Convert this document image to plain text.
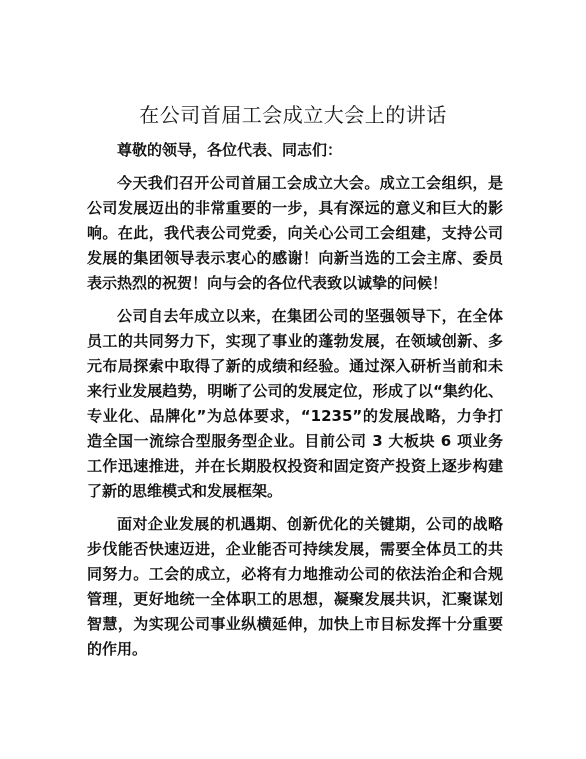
在公司首届工会成立大会上的讲话

尊敬的领导，各位代表、同志们：

今天我们召开公司首届工会成立大会。成立工会组织，是公司发展迈出的非常重要的一步，具有深远的意义和巨大的影响。在此，我代表公司党委，向关心公司工会组建，支持公司发展的集团领导表示衷心的感谢！向新当选的工会主席、委员表示热烈的祝贺！向与会的各位代表致以诚挚的问候！

公司自去年成立以来，在集团公司的坚强领导下，在全体员工的共同努力下，实现了事业的蓬勃发展，在领域创新、多元布局探索中取得了新的成绩和经验。通过深入研析当前和未来行业发展趋势，明晰了公司的发展定位，形成了以“集约化、专业化、品牌化”为总体要求，“1235”的发展战略，力争打造全国一流综合型服务型企业。目前公司 3 大板块 6 项业务工作迅速推进，并在长期股权投资和固定资产投资上逐步构建了新的思维模式和发展框架。

面对企业发展的机遇期、创新优化的关键期，公司的战略步伐能否快速迈进，企业能否可持续发展，需要全体员工的共同努力。工会的成立，必将有力地推动公司的依法治企和合规管理，更好地统一全体职工的思想，凝聚发展共识，汇聚谋划智慧，为实现公司事业纵横延伸，加快上市目标发挥十分重要的作用。
